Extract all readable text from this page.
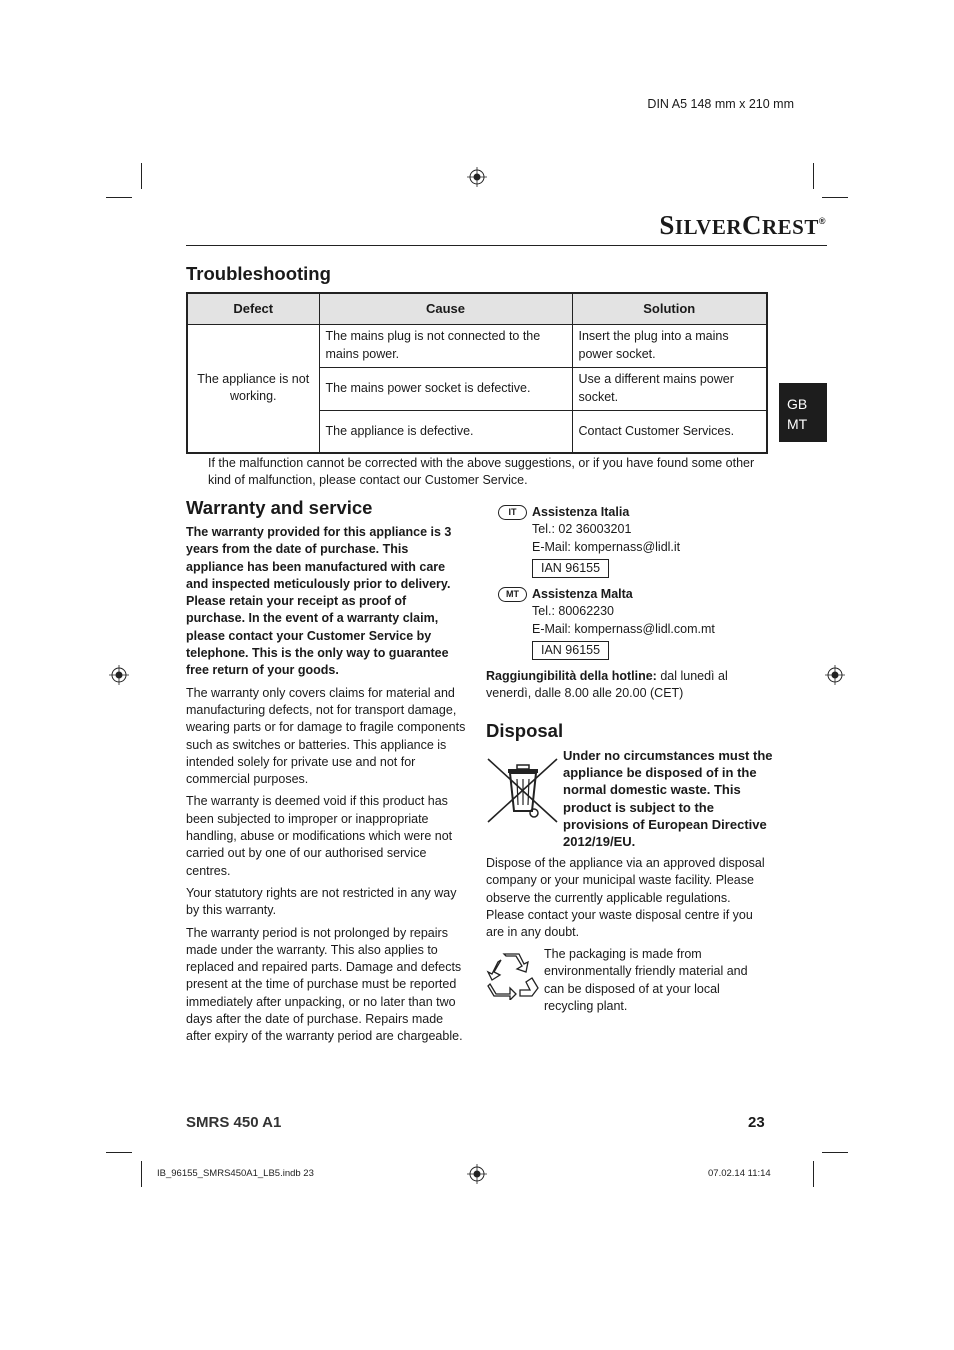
DIN A5 148 mm x 210 mm
SILVERCREST®
GB
MT
Troubleshooting
Defect	Cause	Solution
The appliance is not working.	The mains plug is not connected to the mains power.	Insert the plug into a mains power socket.
	The mains power socket is defective.	Use a different mains power socket.
	The appliance is defective.	Contact Customer Services.
If the malfunction cannot be corrected with the above suggestions, or if you have found some other kind of malfunction, please contact our Customer Service.
Warranty and service

The warranty provided for this appliance is 3 years from the date of purchase. This appliance has been manufactured with care and inspected meticulously prior to delivery. Please retain your receipt as proof of purchase. In the event of a warranty claim, please contact your Customer Service by telephone. This is the only way to guarantee free return of your goods.

The warranty only covers claims for material and manufacturing defects, not for transport damage, wearing parts or for damage to fragile components such as switches or batteries. This appliance is intended solely for private use and not for commercial purposes.

The warranty is deemed void if this product has been subjected to improper or inappropriate handling, abuse or modifications which were not carried out by one of our authorised service centres.

Your statutory rights are not restricted in any way by this warranty.

The warranty period is not prolonged by repairs made under the warranty. This also applies to replaced and repaired parts. Damage and defects present at the time of purchase must be reported immediately after unpacking, or no later than two days after the date of purchase. Repairs made after expiry of the warranty period are chargeable.

IT	Assistenza Italia
Tel.: 02 36003201
E-Mail: kompernass@lidl.it
IAN 96155
MT	Assistenza Malta
Tel.: 80062230
E-Mail: kompernass@lidl.com.mt
IAN 96155
Raggiungibilità della hotline: dal lunedì al venerdì, dalle 8.00 alle 20.00 (CET)
Disposal
Under no circumstances must the appliance be disposed of in the normal domestic waste. This product is subject to the provisions of European Directive 2012/19/EU.
Dispose of the appliance via an approved disposal company or your municipal waste facility. Please observe the currently applicable regulations. Please contact your waste disposal centre if you are in any doubt.
The packaging is made from environmentally friendly material and can be disposed of at your local recycling plant.
SMRS 450 A1	23
IB_96155_SMRS450A1_LB5.indb 23	07.02.14 11:14
